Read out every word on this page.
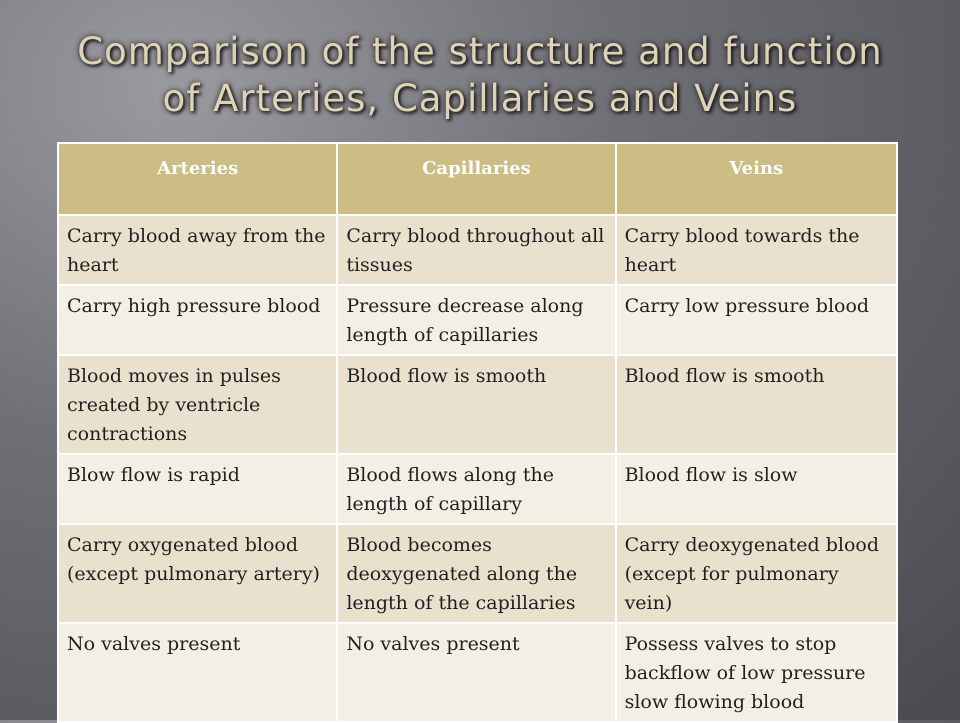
Comparison of the structure and function
of Arteries, Capillaries and Veins
Arteries	Capillaries	Veins
Carry blood away from the heart	Carry blood throughout all tissues	Carry blood towards the heart
Carry high pressure blood	Pressure decrease along length of capillaries	Carry low pressure blood
Blood moves in pulses created by ventricle contractions	Blood flow is smooth	Blood flow is smooth
Blow flow is rapid	Blood flows along the length of capillary	Blood flow is slow
Carry oxygenated blood (except pulmonary artery)	Blood becomes deoxygenated along the length of the capillaries	Carry deoxygenated blood (except for pulmonary vein)
No valves present	No valves present	Possess valves to stop backflow of low pressure slow flowing blood
